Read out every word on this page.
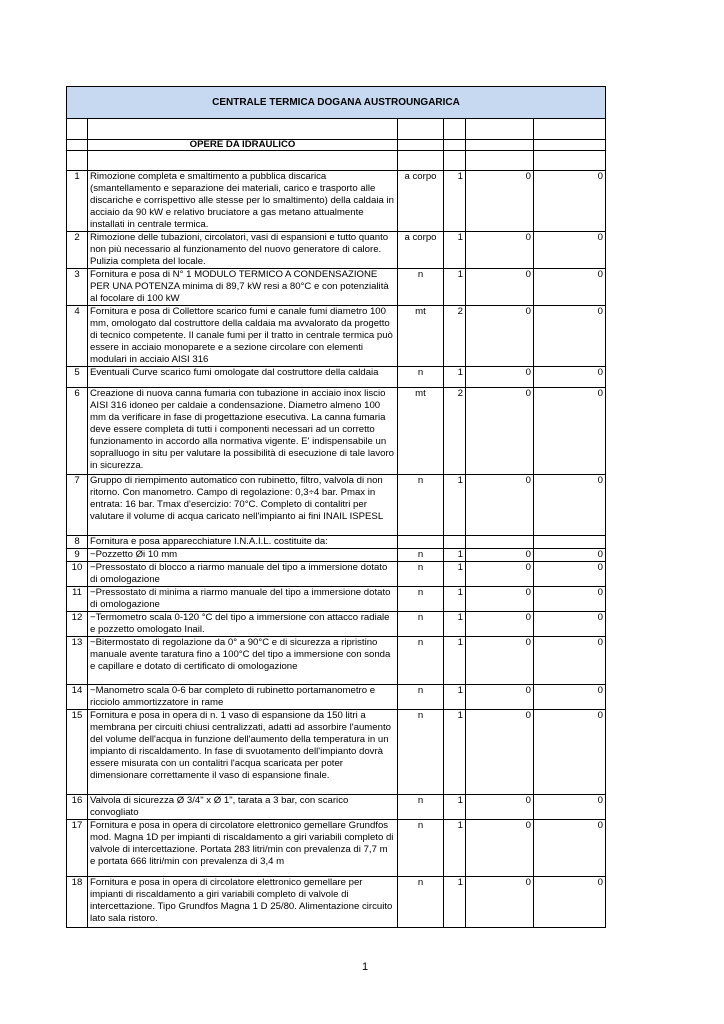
CENTRALE TERMICA DOGANA AUSTROUNGARICA					

	OPERE DA IDRAULICO				

1	Rimozione completa e smaltimento a pubblica discarica (smantellamento e separazione dei materiali, carico e trasporto alle discariche e corrispettivo alle stesse per lo smaltimento) della caldaia in acciaio da 90 kW e relativo bruciatore a gas metano attualmente installati in centrale termica.	a corpo	1	0	0
2	Rimozione delle tubazioni, circolatori, vasi di espansioni e tutto quanto non più necessario al funzionamento del nuovo generatore di calore. Pulizia completa del locale.	a corpo	1	0	0
3	Fornitura e posa di N° 1 MODULO TERMICO A CONDENSAZIONE PER UNA POTENZA minima di 89,7 kW resi a 80°C e con potenzialità al focolare di 100 kW	n	1	0	0
4	Fornitura e posa di Collettore scarico fumi e canale fumi diametro 100 mm, omologato dal costruttore della caldaia ma avvalorato da progetto di tecnico competente. Il canale fumi per il tratto in centrale termica può essere in acciaio monoparete e a sezione circolare con elementi modulari in acciaio AISI 316	mt	2	0	0
5	Eventuali Curve scarico fumi omologate dal costruttore della caldaia	n	1	0	0
6	Creazione di nuova canna fumaria con tubazione in acciaio inox liscio AISI 316 idoneo per caldaie a condensazione. Diametro almeno 100 mm da verificare in fase di progettazione esecutiva. La canna fumaria deve essere completa di tutti i componenti necessari ad un corretto funzionamento in accordo alla normativa vigente. E' indispensabile un sopralluogo in situ per valutare la possibilità di esecuzione di tale lavoro in sicurezza.	mt	2	0	0
7	Gruppo di riempimento automatico con rubinetto, filtro, valvola di non ritorno. Con manometro. Campo di regolazione: 0,3÷4 bar. Pmax in entrata: 16 bar. Tmax d'esercizio: 70°C. Completo di contalitri per valutare il volume di acqua caricato nell'impianto ai fini INAIL ISPESL	n	1	0	0
8	Fornitura e posa apparecchiature I.N.A.I.L. costituite da:				
9	−Pozzetto Øi 10 mm	n	1	0	0
10	−Pressostato di blocco a riarmo manuale del tipo a immersione dotato di omologazione	n	1	0	0
11	−Pressostato di minima a riarmo manuale del tipo a immersione dotato di omologazione	n	1	0	0
12	−Termometro scala 0-120 °C del tipo a immersione con attacco radiale e pozzetto omologato Inail.	n	1	0	0
13	−Bitermostato di regolazione da 0° a 90°C e di sicurezza a ripristino manuale avente taratura fino a 100°C del tipo a immersione con sonda e capillare e dotato di certificato di omologazione	n	1	0	0
14	−Manometro scala 0-6 bar completo di rubinetto portamanometro e ricciolo ammortizzatore in rame	n	1	0	0
15	Fornitura e posa in opera di n. 1 vaso di espansione da 150 litri a membrana per circuiti chiusi centralizzati, adatti ad assorbire l'aumento del volume dell'acqua in funzione dell'aumento della temperatura in un impianto di riscaldamento. In fase di svuotamento dell'impianto dovrà essere misurata con un contalitri l'acqua scaricata per poter dimensionare correttamente il vaso di espansione finale.	n	1	0	0
16	Valvola di sicurezza Ø 3/4" x Ø 1", tarata a 3 bar, con scarico convogliato	n	1	0	0
17	Fornitura e posa in opera di circolatore elettronico gemellare Grundfos mod. Magna 1D per impianti di riscaldamento a giri variabili completo di valvole di intercettazione. Portata 283 litri/min con prevalenza di 7,7 m e portata 666 litri/min con prevalenza di 3,4 m	n	1	0	0
18	Fornitura e posa in opera di circolatore elettronico gemellare per impianti di riscaldamento a giri variabili completo di valvole di intercettazione. Tipo Grundfos Magna 1 D 25/80. Alimentazione circuito lato sala ristoro.	n	1	0	0
1
